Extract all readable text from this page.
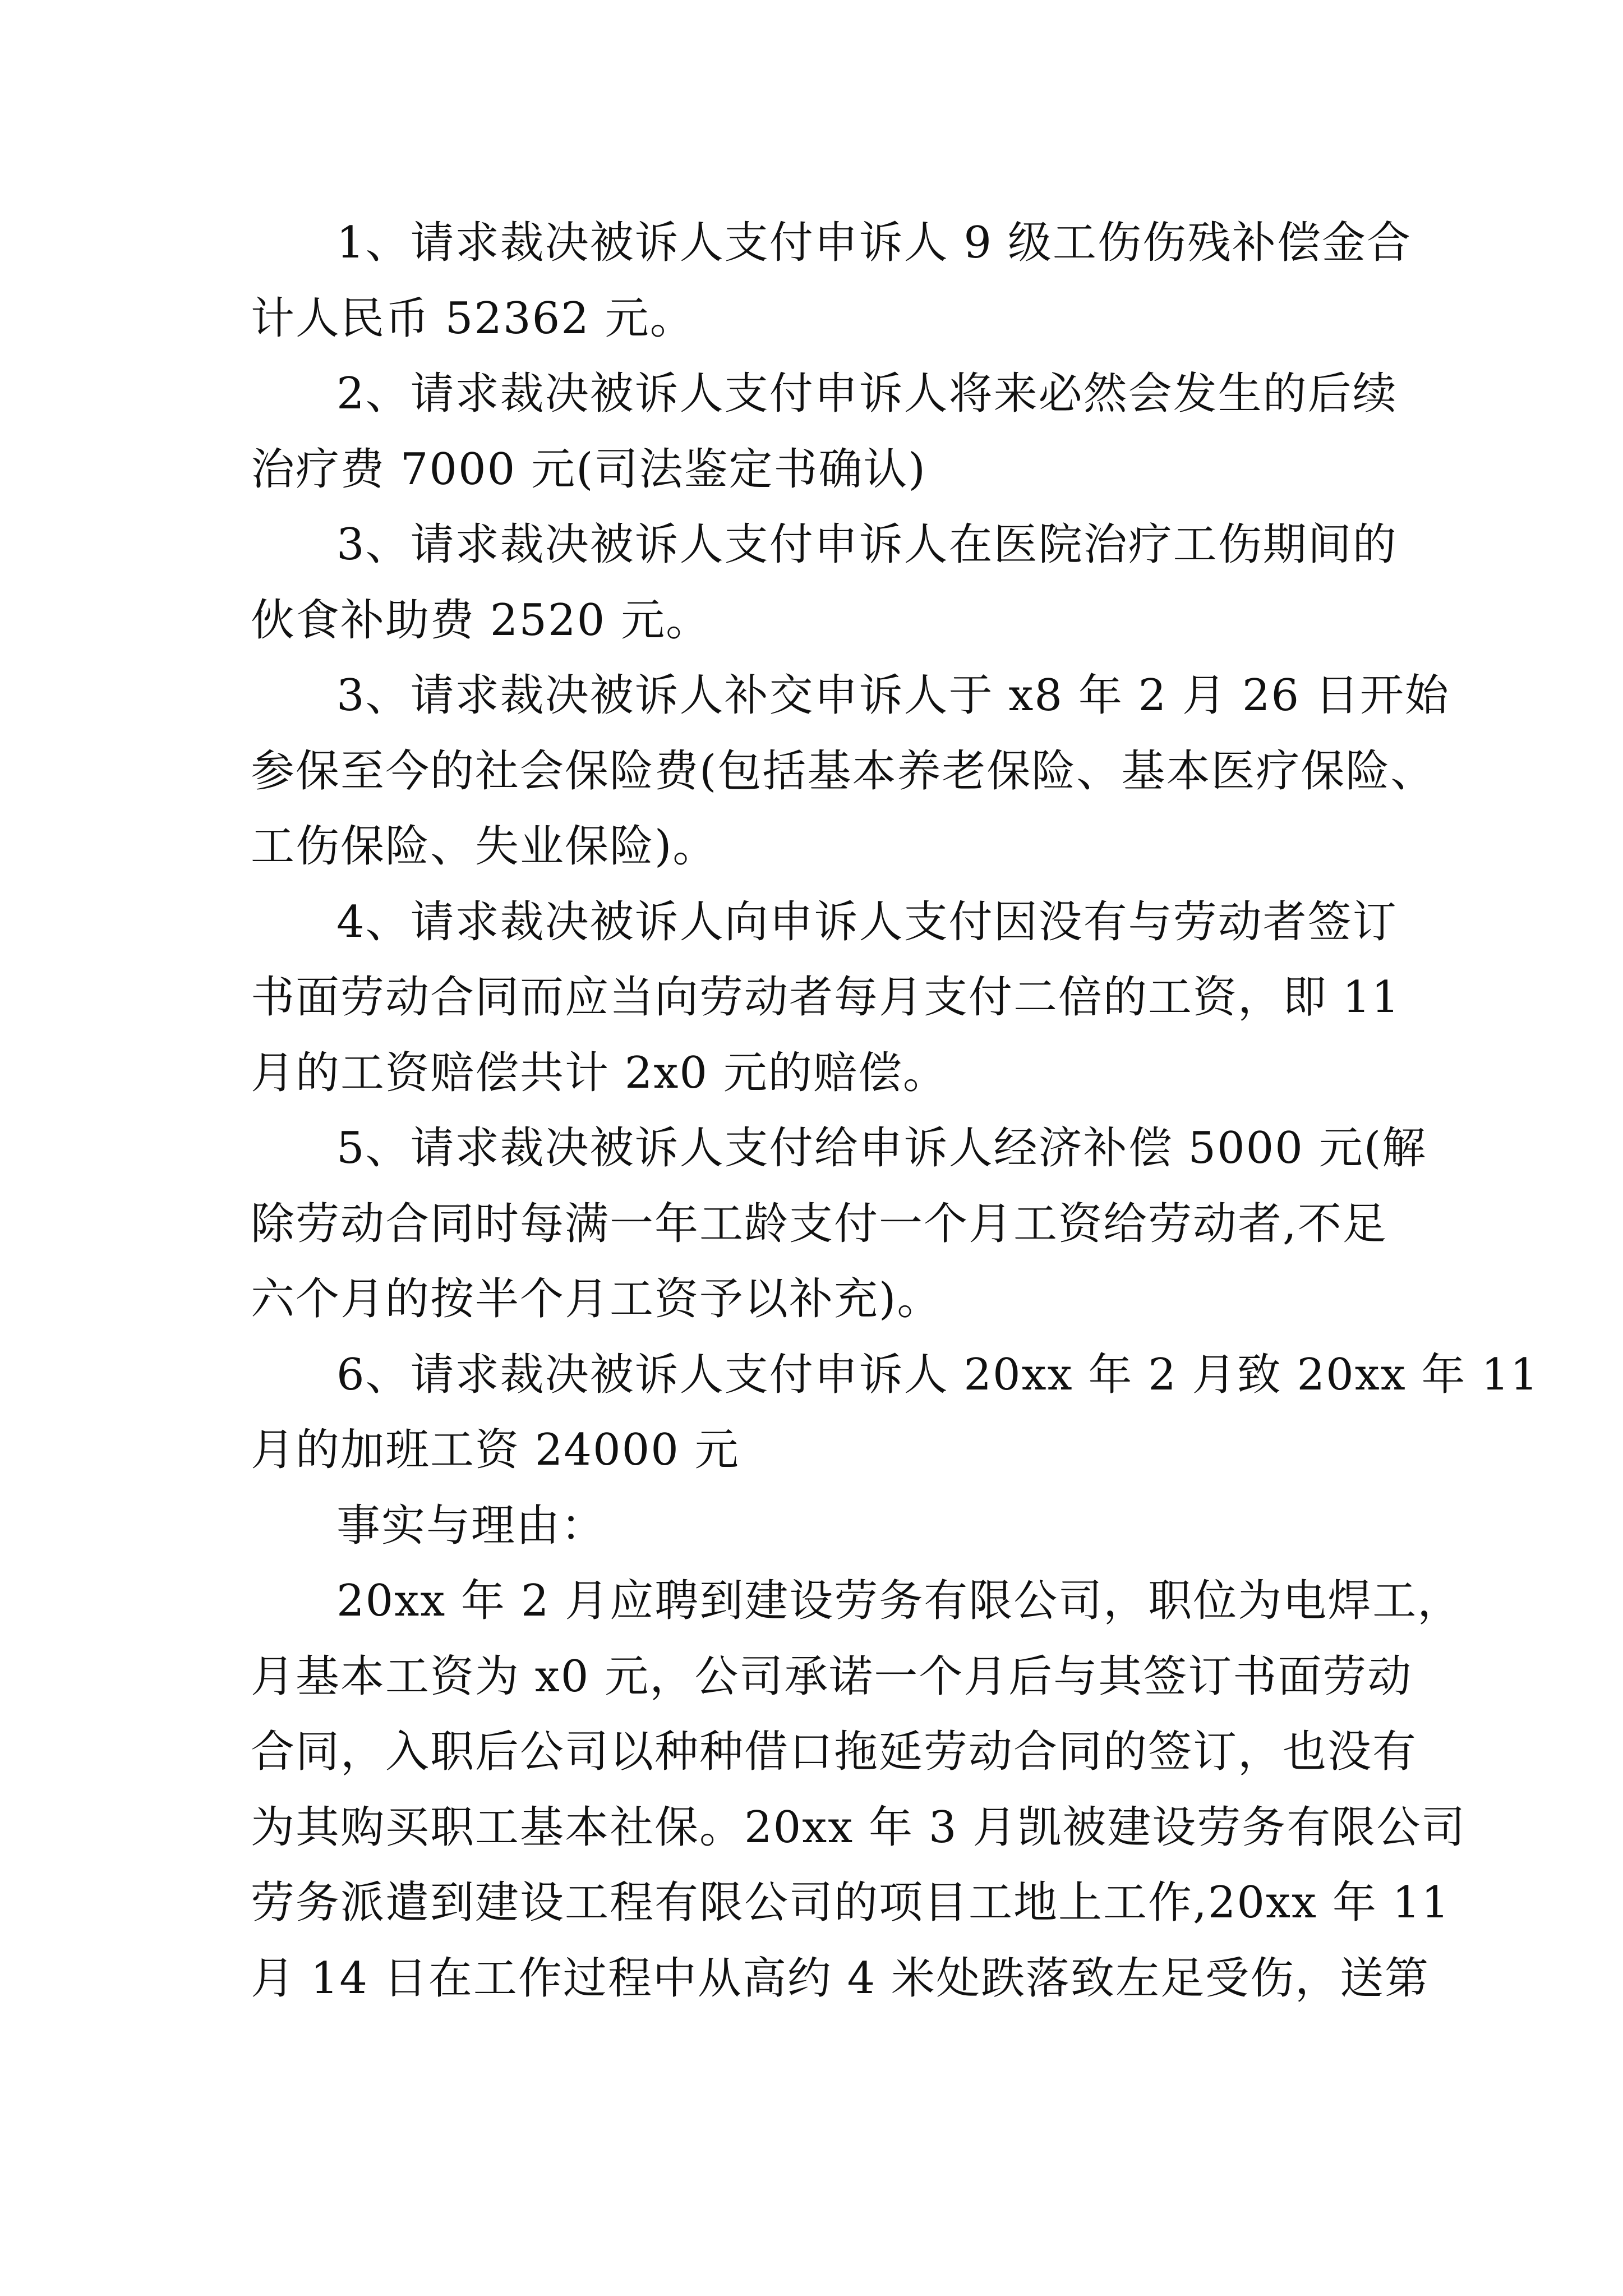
1、请求裁决被诉人支付申诉人 9 级工伤伤残补偿金合
计人民币 52362 元。
2、请求裁决被诉人支付申诉人将来必然会发生的后续
治疗费 7000 元(司法鉴定书确认)
3、请求裁决被诉人支付申诉人在医院治疗工伤期间的
伙食补助费 2520 元。
3、请求裁决被诉人补交申诉人于 x8 年 2 月 26 日开始
参保至今的社会保险费(包括基本养老保险、基本医疗保险、
工伤保险、失业保险)。
4、请求裁决被诉人向申诉人支付因没有与劳动者签订
书面劳动合同而应当向劳动者每月支付二倍的工资，即 11
月的工资赔偿共计 2x0 元的赔偿。
5、请求裁决被诉人支付给申诉人经济补偿 5000 元(解
除劳动合同时每满一年工龄支付一个月工资给劳动者,不足
六个月的按半个月工资予以补充)。
6、请求裁决被诉人支付申诉人 20xx 年 2 月致 20xx 年 11
月的加班工资 24000 元
事实与理由：
20xx 年 2 月应聘到建设劳务有限公司，职位为电焊工，
月基本工资为 x0 元，公司承诺一个月后与其签订书面劳动
合同，入职后公司以种种借口拖延劳动合同的签订，也没有
为其购买职工基本社保。20xx 年 3 月凯被建设劳务有限公司
劳务派遣到建设工程有限公司的项目工地上工作,20xx 年 11
月 14 日在工作过程中从高约 4 米处跌落致左足受伤，送第
